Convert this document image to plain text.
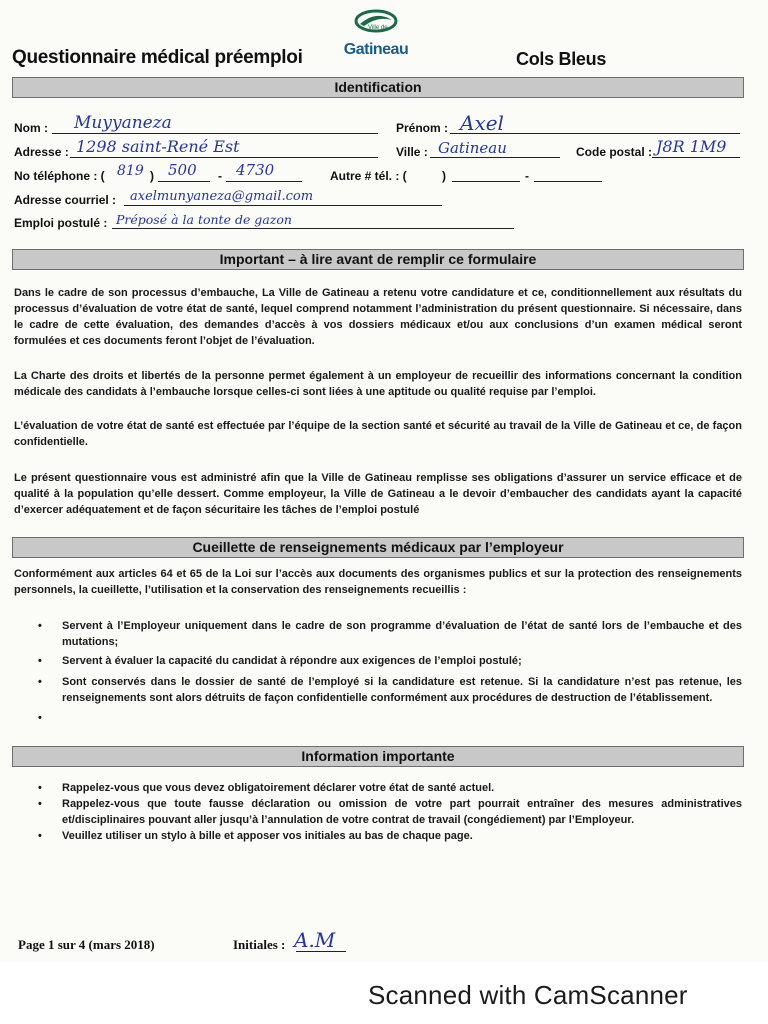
Ville de
Gatineau
Questionnaire médical préemploi	Cols Bleus
Identification
Nom : Muyyaneza	Prénom : Axel
Adresse : 1298 saint-René Est	Ville : Gatineau	Code postal : J8R 1M9
No téléphone : ( 819 ) 500 - 4730	Autre # tél. : (	)	-
Adresse courriel : axelmunyaneza@gmail.com
Emploi postulé : Préposé à la tonte de gazon
Important – à lire avant de remplir ce formulaire
Dans le cadre de son processus d’embauche, La Ville de Gatineau a retenu votre candidature et ce, conditionnellement aux résultats du processus d’évaluation de votre état de santé, lequel comprend notamment l’administration du présent questionnaire. Si nécessaire, dans le cadre de cette évaluation, des demandes d’accès à vos dossiers médicaux et/ou aux conclusions d’un examen médical seront formulées et ces documents feront l’objet de l’évaluation.
La Charte des droits et libertés de la personne permet également à un employeur de recueillir des informations concernant la condition médicale des candidats à l’embauche lorsque celles-ci sont liées à une aptitude ou qualité requise par l’emploi.
L’évaluation de votre état de santé est effectuée par l’équipe de la section santé et sécurité au travail de la Ville de Gatineau et ce, de façon confidentielle.
Le présent questionnaire vous est administré afin que la Ville de Gatineau remplisse ses obligations d’assurer un service efficace et de qualité à la population qu’elle dessert. Comme employeur, la Ville de Gatineau a le devoir d’embaucher des candidats ayant la capacité d’exercer adéquatement et de façon sécuritaire les tâches de l’emploi postulé
Cueillette de renseignements médicaux par l’employeur
Conformément aux articles 64 et 65 de la Loi sur l’accès aux documents des organismes publics et sur la protection des renseignements personnels, la cueillette, l’utilisation et la conservation des renseignements recueillis :
• Servent à l’Employeur uniquement dans le cadre de son programme d’évaluation de l’état de santé lors de l’embauche et des mutations;
• Servent à évaluer la capacité du candidat à répondre aux exigences de l’emploi postulé;
• Sont conservés dans le dossier de santé de l’employé si la candidature est retenue. Si la candidature n’est pas retenue, les renseignements sont alors détruits de façon confidentielle conformément aux procédures de destruction de l’établissement.
•
Information importante
• Rappelez-vous que vous devez obligatoirement déclarer votre état de santé actuel.
• Rappelez-vous que toute fausse déclaration ou omission de votre part pourrait entraîner des mesures administratives et/disciplinaires pouvant aller jusqu’à l’annulation de votre contrat de travail (congédiement) par l’Employeur.
• Veuillez utiliser un stylo à bille et apposer vos initiales au bas de chaque page.
Page 1 sur 4 (mars 2018)	Initiales : A.M
Scanned with CamScanner
